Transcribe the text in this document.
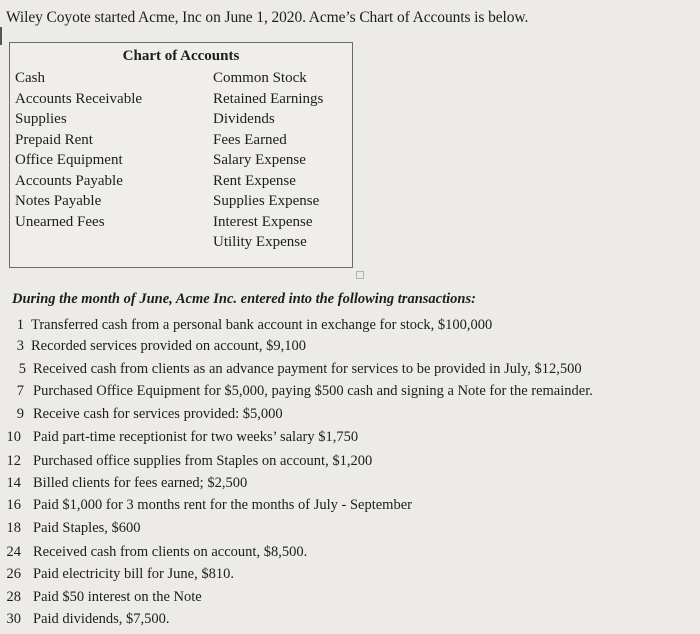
Wiley Coyote started Acme, Inc on June 1, 2020. Acme’s Chart of Accounts is below.
Chart of Accounts
Cash
Accounts Receivable
Supplies
Prepaid Rent
Office Equipment
Accounts Payable
Notes Payable
Unearned Fees
Common Stock
Retained Earnings
Dividends
Fees Earned
Salary Expense
Rent Expense
Supplies Expense
Interest Expense
Utility Expense
During the month of June, Acme Inc. entered into the following transactions:
1 Transferred cash from a personal bank account in exchange for stock, $100,000
3 Recorded services provided on account, $9,100
5 Received cash from clients as an advance payment for services to be provided in July, $12,500
7 Purchased Office Equipment for $5,000, paying $500 cash and signing a Note for the remainder.
9 Receive cash for services provided: $5,000
10 Paid part-time receptionist for two weeks’ salary $1,750
12 Purchased office supplies from Staples on account, $1,200
14 Billed clients for fees earned; $2,500
16 Paid $1,000 for 3 months rent for the months of July - September
18 Paid Staples, $600
24 Received cash from clients on account, $8,500.
26 Paid electricity bill for June, $810.
28 Paid $50 interest on the Note
30 Paid dividends, $7,500.
